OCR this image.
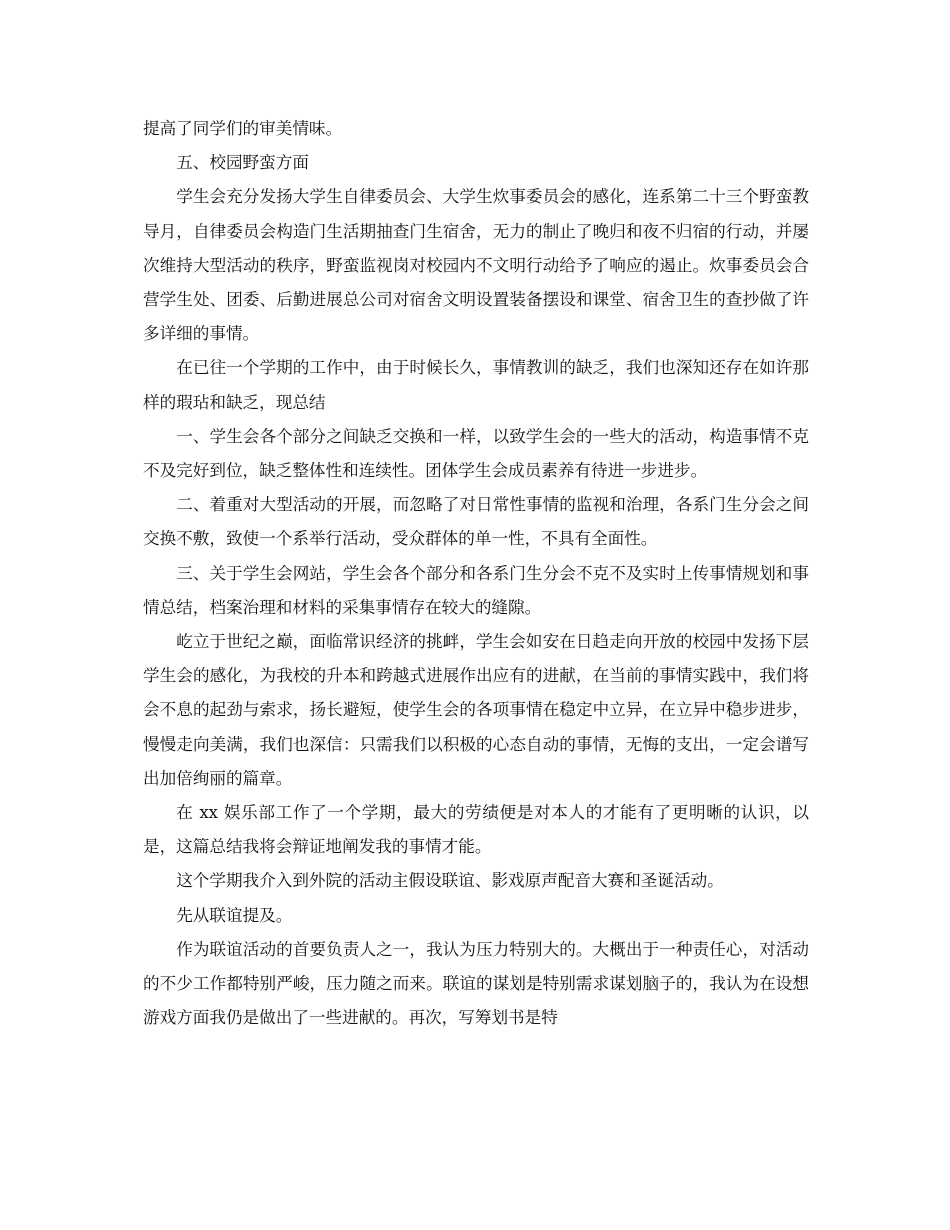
提高了同学们的审美情味。

五、校园野蛮方面

学生会充分发扬大学生自律委员会、大学生炊事委员会的感化，连系第二十三个野蛮教导月，自律委员会构造门生活期抽查门生宿舍，无力的制止了晚归和夜不归宿的行动，并屡次维持大型活动的秩序，野蛮监视岗对校园内不文明行动给予了响应的遏止。炊事委员会合营学生处、团委、后勤进展总公司对宿舍文明设置装备摆设和课堂、宿舍卫生的查抄做了许多详细的事情。

在已往一个学期的工作中，由于时候长久，事情教训的缺乏，我们也深知还存在如许那样的瑕玷和缺乏，现总结

一、学生会各个部分之间缺乏交换和一样，以致学生会的一些大的活动，构造事情不克不及完好到位，缺乏整体性和连续性。团体学生会成员素养有待进一步进步。

二、着重对大型活动的开展，而忽略了对日常性事情的监视和治理，各系门生分会之间交换不敷，致使一个系举行活动，受众群体的单一性，不具有全面性。

三、关于学生会网站，学生会各个部分和各系门生分会不克不及实时上传事情规划和事情总结，档案治理和材料的采集事情存在较大的缝隙。

屹立于世纪之巅，面临常识经济的挑衅，学生会如安在日趋走向开放的校园中发扬下层学生会的感化，为我校的升本和跨越式进展作出应有的进献，在当前的事情实践中，我们将会不息的起劲与索求，扬长避短，使学生会的各项事情在稳定中立异，在立异中稳步进步，慢慢走向美满，我们也深信：只需我们以积极的心态自动的事情，无悔的支出，一定会谱写出加倍绚丽的篇章。

在 xx 娱乐部工作了一个学期，最大的劳绩便是对本人的才能有了更明晰的认识，以是，这篇总结我将会辩证地阐发我的事情才能。

这个学期我介入到外院的活动主假设联谊、影戏原声配音大赛和圣诞活动。

先从联谊提及。

作为联谊活动的首要负责人之一，我认为压力特别大的。大概出于一种责任心，对活动的不少工作都特别严峻，压力随之而来。联谊的谋划是特别需求谋划脑子的，我认为在设想游戏方面我仍是做出了一些进献的。再次，写筹划书是特
